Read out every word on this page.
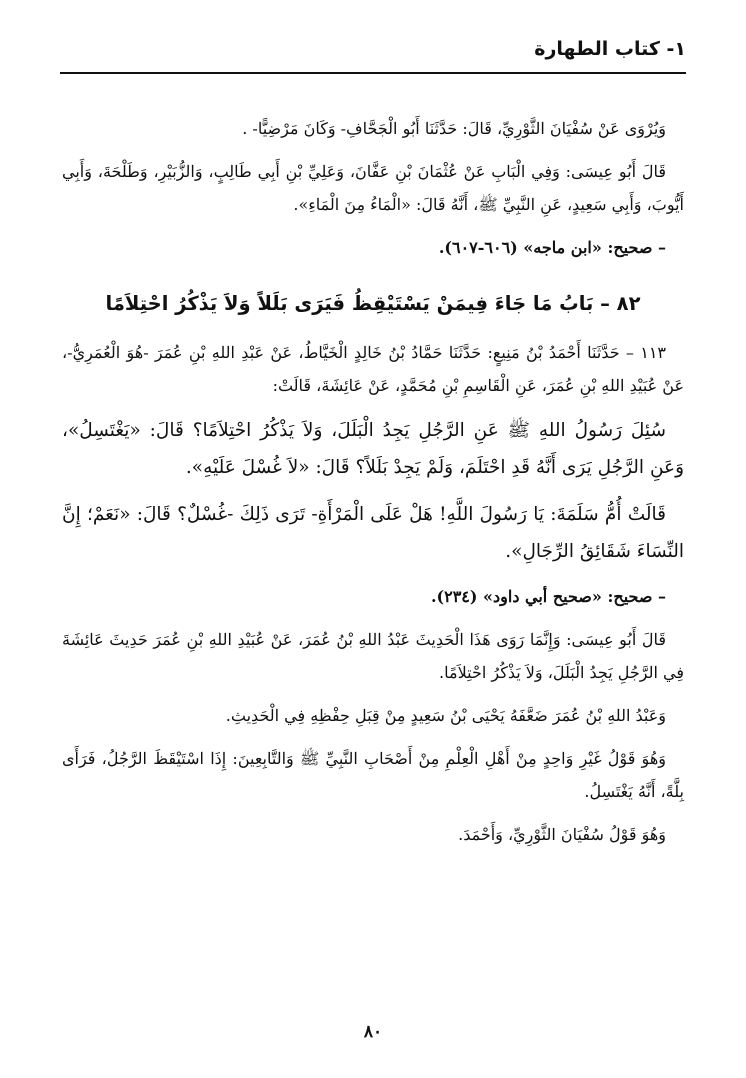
١- كتاب الطهارة

وَيُرْوَى عَنْ سُفْيَانَ الثَّوْرِيِّ، قَالَ: حَدَّثَنَا أَبُو الْجَحَّافِ- وَكَانَ مَرْضِيًّا- .

قَالَ أَبُو عِيسَى: وَفِي الْبَابِ عَنْ عُثْمَانَ بْنِ عَفَّانَ، وَعَلِيِّ بْنِ أَبِي طَالِبٍ، وَالزُّبَيْرِ، وَطَلْحَةَ، وَأَبِي أَيُّوبَ، وَأَبِي سَعِيدٍ، عَنِ النَّبِيِّ ﷺ، أَنَّهُ قَالَ: «الْمَاءُ مِنَ الْمَاءِ».

– صحيح: «ابن ماجه» (٦٠٦-٦٠٧).

٨٢ – بَابُ مَا جَاءَ فِيمَنْ يَسْتَيْقِظُ فَيَرَى بَلَلاً وَلاَ يَذْكُرُ احْتِلاَمًا

١١٣ – حَدَّثَنَا أَحْمَدُ بْنُ مَنِيعٍ: حَدَّثَنَا حَمَّادُ بْنُ خَالِدٍ الْخَيَّاطُ، عَنْ عَبْدِ اللهِ بْنِ عُمَرَ -هُوَ الْعُمَرِيُّ-، عَنْ عُبَيْدِ اللهِ بْنِ عُمَرَ، عَنِ الْقَاسِمِ بْنِ مُحَمَّدٍ، عَنْ عَائِشَةَ، قَالَتْ:

سُئِلَ رَسُولُ اللهِ ﷺ عَنِ الرَّجُلِ يَجِدُ الْبَلَلَ، وَلاَ يَذْكُرُ احْتِلاَمًا؟ قَالَ: «يَغْتَسِلُ»، وَعَنِ الرَّجُلِ يَرَى أَنَّهُ قَدِ احْتَلَمَ، وَلَمْ يَجِدْ بَلَلاً؟ قَالَ: «لاَ غُسْلَ عَلَيْهِ».

قَالَتْ أُمُّ سَلَمَةَ: يَا رَسُولَ اللَّهِ! هَلْ عَلَى الْمَرْأَةِ- تَرَى ذَلِكَ -غُسْلٌ؟ قَالَ: «نَعَمْ؛ إِنَّ النِّسَاءَ شَقَائِقُ الرِّجَالِ».

– صحيح: «صحيح أبي داود» (٢٣٤).

قَالَ أَبُو عِيسَى: وَإِنَّمَا رَوَى هَذَا الْحَدِيثَ عَبْدُ اللهِ بْنُ عُمَرَ، عَنْ عُبَيْدِ اللهِ بْنِ عُمَرَ حَدِيثَ عَائِشَةَ فِي الرَّجُلِ يَجِدُ الْبَلَلَ، وَلاَ يَذْكُرُ احْتِلاَمًا.

وَعَبْدُ اللهِ بْنُ عُمَرَ ضَعَّفَهُ يَحْيَى بْنُ سَعِيدٍ مِنْ قِبَلِ حِفْظِهِ فِي الْحَدِيثِ.

وَهُوَ قَوْلُ غَيْرِ وَاحِدٍ مِنْ أَهْلِ الْعِلْمِ مِنْ أَصْحَابِ النَّبِيِّ ﷺ وَالتَّابِعِينَ: إِذَا اسْتَيْقَظَ الرَّجُلُ، فَرَأَى بِلَّةً، أَنَّهُ يَغْتَسِلُ.

وَهُوَ قَوْلُ سُفْيَانَ الثَّوْرِيِّ، وَأَحْمَدَ.

٨٠
